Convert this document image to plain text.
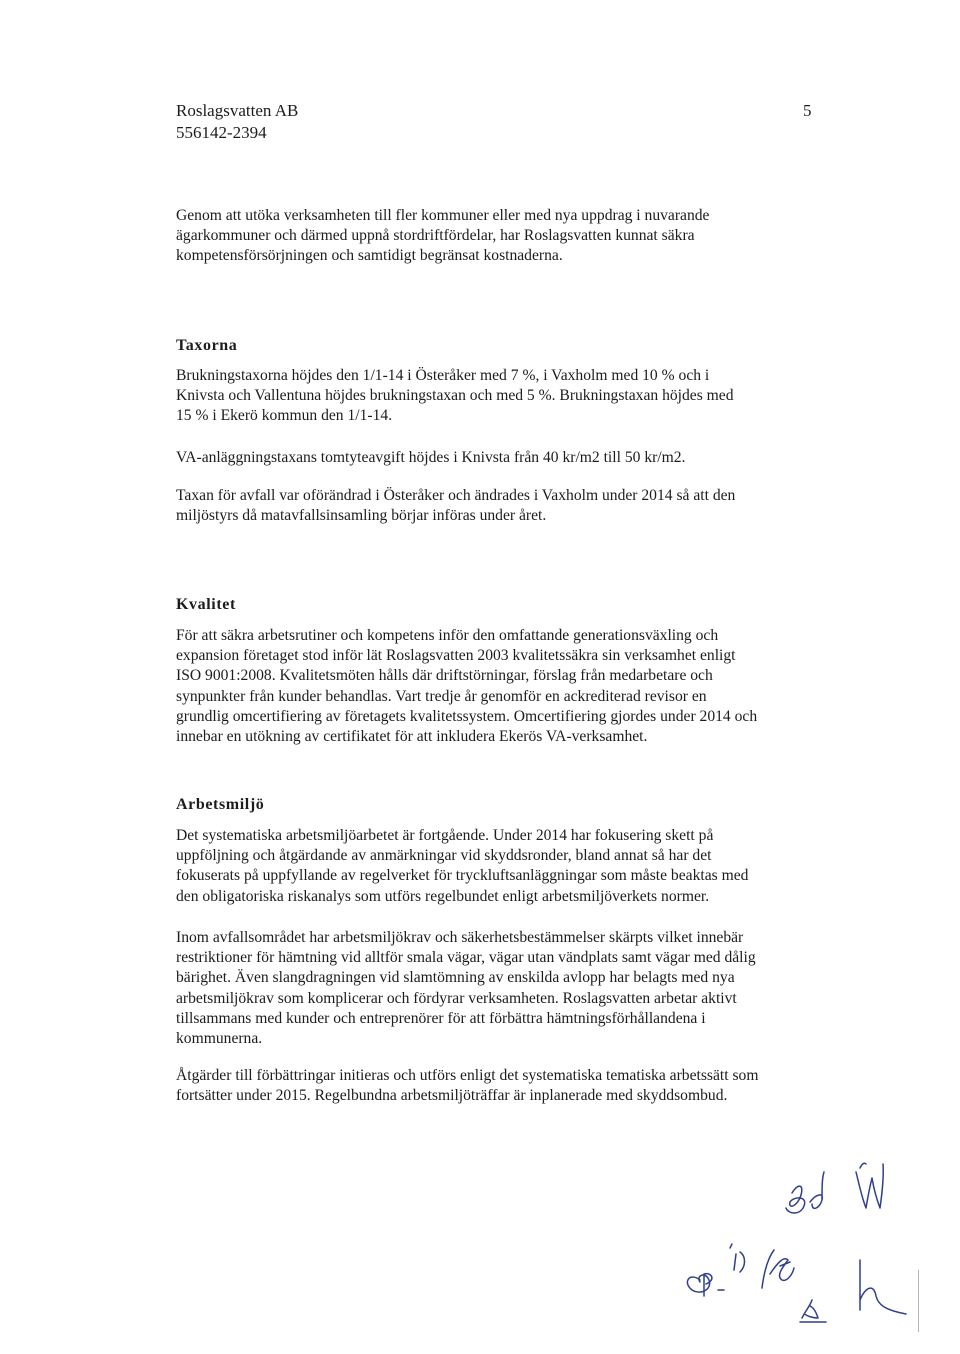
Roslagsvatten AB
556142-2394
5
Genom att utöka verksamheten till fler kommuner eller med nya uppdrag i nuvarande
ägarkommuner och därmed uppnå stordriftfördelar, har Roslagsvatten kunnat säkra
kompetensförsörjningen och samtidigt begränsat kostnaderna.
Taxorna
Brukningstaxorna höjdes den 1/1-14 i Österåker med 7 %, i Vaxholm med 10 % och i
Knivsta och Vallentuna höjdes brukningstaxan och med 5 %. Brukningstaxan höjdes med
15 % i Ekerö kommun den 1/1-14.
VA-anläggningstaxans tomtyteavgift höjdes i Knivsta från 40 kr/m2 till 50 kr/m2.
Taxan för avfall var oförändrad i Österåker och ändrades i Vaxholm under 2014 så att den
miljöstyrs då matavfallsinsamling börjar införas under året.
Kvalitet
För att säkra arbetsrutiner och kompetens inför den omfattande generationsväxling och
expansion företaget stod inför lät Roslagsvatten 2003 kvalitetssäkra sin verksamhet enligt
ISO 9001:2008. Kvalitetsmöten hålls där driftstörningar, förslag från medarbetare och
synpunkter från kunder behandlas. Vart tredje år genomför en ackrediterad revisor en
grundlig omcertifiering av företagets kvalitetssystem. Omcertifiering gjordes under 2014 och
innebar en utökning av certifikatet för att inkludera Ekerös VA-verksamhet.
Arbetsmiljö
Det systematiska arbetsmiljöarbetet är fortgående. Under 2014 har fokusering skett på
uppföljning och åtgärdande av anmärkningar vid skyddsronder, bland annat så har det
fokuserats på uppfyllande av regelverket för tryckluftsanläggningar som måste beaktas med
den obligatoriska riskanalys som utförs regelbundet enligt arbetsmiljöverkets normer.
Inom avfallsområdet har arbetsmiljökrav och säkerhetsbestämmelser skärpts vilket innebär
restriktioner för hämtning vid alltför smala vägar, vägar utan vändplats samt vägar med dålig
bärighet. Även slangdragningen vid slamtömning av enskilda avlopp har belagts med nya
arbetsmiljökrav som komplicerar och fördyrar verksamheten. Roslagsvatten arbetar aktivt
tillsammans med kunder och entreprenörer för att förbättra hämtningsförhållandena i
kommunerna.
Åtgärder till förbättringar initieras och utförs enligt det systematiska tematiska arbetssätt som
fortsätter under 2015. Regelbundna arbetsmiljöträffar är inplanerade med skyddsombud.
